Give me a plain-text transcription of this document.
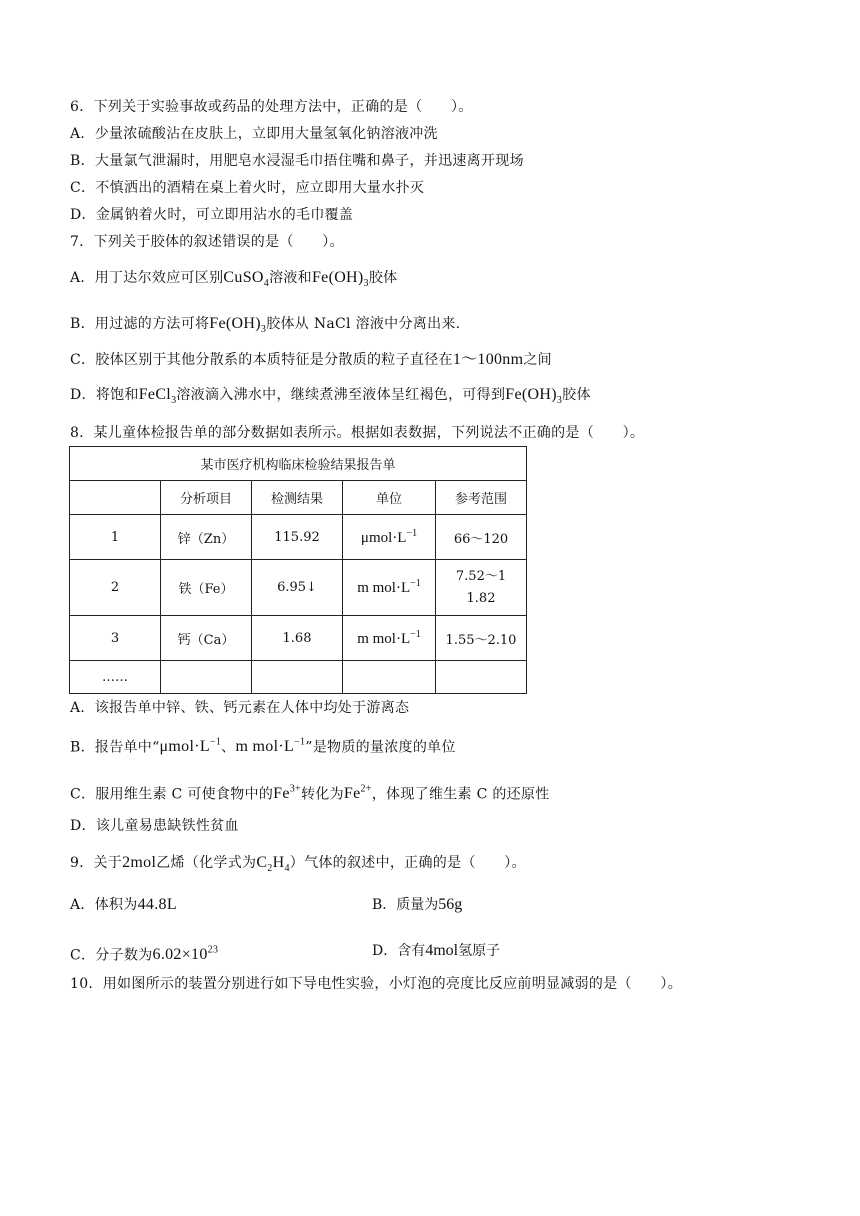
6．下列关于实验事故或药品的处理方法中，正确的是（　　）。
A．少量浓硫酸沾在皮肤上，立即用大量氢氧化钠溶液冲洗
B．大量氯气泄漏时，用肥皂水浸湿毛巾捂住嘴和鼻子，并迅速离开现场
C．不慎洒出的酒精在桌上着火时，应立即用大量水扑灭
D．金属钠着火时，可立即用沾水的毛巾覆盖
7．下列关于胶体的叙述错误的是（　　）。
A．用丁达尔效应可区别CuSO$_4$溶液和$Fe(OH)_3$胶体
B．用过滤的方法可将$Fe(OH)_3$胶体从 NaCl 溶液中分离出来.
C．胶体区别于其他分散系的本质特征是分散质的粒子直径在1～100nm之间
D．将饱和FeCl$_3$溶液滴入沸水中，继续煮沸至液体呈红褐色，可得到$Fe(OH)_3$胶体
8．某儿童体检报告单的部分数据如表所示。根据如表数据，下列说法不正确的是（　　）。
某市医疗机构临床检验结果报告单				
	分析项目	检测结果	单位	参考范围
1	锌（Zn）	115.92	$\mu mol\cdot L^{-1}$	66～120
2	铁（Fe）	6.95↓	m $mol\cdot L^{-1}$	7.52～11.82

3	钙（Ca）	1.68	m $mol\cdot L^{-1}$	1.55～2.10
……				
A．该报告单中锌、铁、钙元素在人体中均处于游离态
B．报告单中“$\mu mol\cdot L^{-1}$、m $mol\cdot L^{-1}$”是物质的量浓度的单位
C．服用维生素 C 可使食物中的$Fe^{3+}$转化为$Fe^{2+}$，体现了维生素 C 的还原性
D．该儿童易患缺铁性贫血
9．关于2mol乙烯（化学式为$C_2H_4$）气体的叙述中，正确的是（　　）。
A．体积为44.8L	B．质量为56g
C．分子数为$6.02\times 10^{23}$	D．含有4mol氢原子
10．用如图所示的装置分别进行如下导电性实验，小灯泡的亮度比反应前明显减弱的是（　　）。
